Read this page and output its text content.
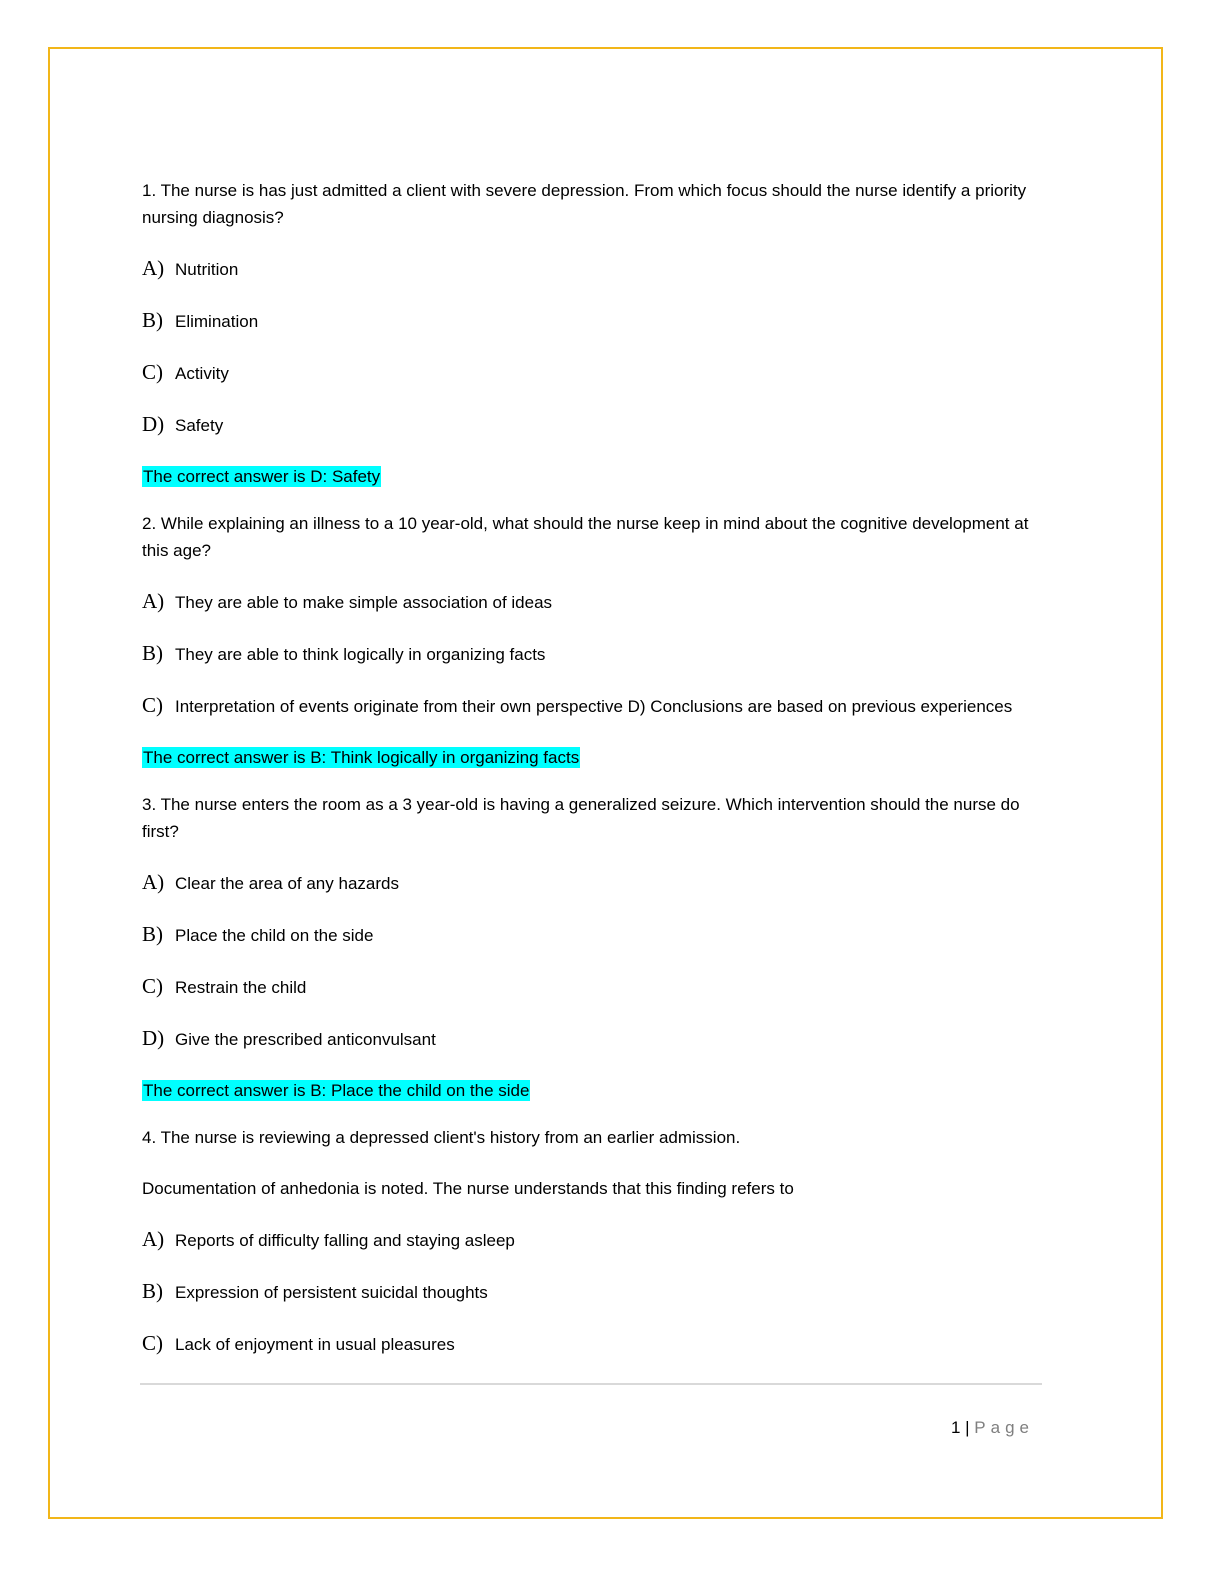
1. The nurse is has just admitted a client with severe depression. From which focus should the nurse identify a priority nursing diagnosis?

A) Nutrition
B) Elimination
C) Activity
D) Safety

The correct answer is D: Safety

2. While explaining an illness to a 10 year-old, what should the nurse keep in mind about the cognitive development at this age?

A) They are able to make simple association of ideas
B) They are able to think logically in organizing facts
C) Interpretation of events originate from their own perspective D) Conclusions are based on previous experiences

The correct answer is B: Think logically in organizing facts

3. The nurse enters the room as a 3 year-old is having a generalized seizure. Which intervention should the nurse do first?

A) Clear the area of any hazards
B) Place the child on the side
C) Restrain the child
D) Give the prescribed anticonvulsant

The correct answer is B: Place the child on the side

4. The nurse is reviewing a depressed client's history from an earlier admission.

Documentation of anhedonia is noted. The nurse understands that this finding refers to

A) Reports of difficulty falling and staying asleep
B) Expression of persistent suicidal thoughts
C) Lack of enjoyment in usual pleasures
1 | Page
